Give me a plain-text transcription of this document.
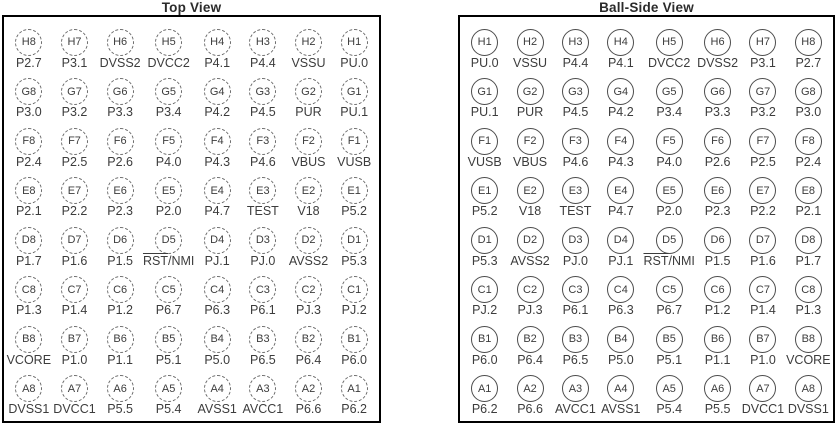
Top View	Ball-Side View
H8
P2.7
H7
P3.1
H6
DVSS2
H5
DVCC2
H4
P4.1
H3
P4.4
H2
VSSU
H1
PU.0
G8
P3.0
G7
P3.2
G6
P3.3
G5
P3.4
G4
P4.2
G3
P4.5
G2
PUR
G1
PU.1
F8
P2.4
F7
P2.5
F6
P2.6
F5
P4.0
F4
P4.3
F3
P4.6
F2
VBUS
F1
VUSB
E8
P2.1
E7
P2.2
E6
P2.3
E5
P2.0
E4
P4.7
E3
TEST
E2
V18
E1
P5.2
D8
P1.7
D7
P1.6
D6
P1.5
D5
$\overline{RST}$/NMI
D4
PJ.1
D3
PJ.0
D2
AVSS2
D1
P5.3
C8
P1.3
C7
P1.4
C6
P1.2
C5
P6.7
C4
P6.3
C3
P6.1
C2
PJ.3
C1
PJ.2
B8
VCORE
B7
P1.0
B6
P1.1
B5
P5.1
B4
P5.0
B3
P6.5
B2
P6.4
B1
P6.0
A8
DVSS1
A7
DVCC1
A6
P5.5
A5
P5.4
A4
AVSS1
A3
AVCC1
A2
P6.6
A1
P6.2
H1
PU.0
H2
VSSU
H3
P4.4
H4
P4.1
H5
DVCC2
H6
DVSS2
H7
P3.1
H8
P2.7
G1
PU.1
G2
PUR
G3
P4.5
G4
P4.2
G5
P3.4
G6
P3.3
G7
P3.2
G8
P3.0
F1
VUSB
F2
VBUS
F3
P4.6
F4
P4.3
F5
P4.0
F6
P2.6
F7
P2.5
F8
P2.4
E1
P5.2
E2
V18
E3
TEST
E4
P4.7
E5
P2.0
E6
P2.3
E7
P2.2
E8
P2.1
D1
P5.3
D2
AVSS2
D3
PJ.0
D4
PJ.1
D5
$\overline{RST}$/NMI
D6
P1.5
D7
P1.6
D8
P1.7
C1
PJ.2
C2
PJ.3
C3
P6.1
C4
P6.3
C5
P6.7
C6
P1.2
C7
P1.4
C8
P1.3
B1
P6.0
B2
P6.4
B3
P6.5
B4
P5.0
B5
P5.1
B6
P1.1
B7
P1.0
B8
VCORE
A1
P6.2
A2
P6.6
A3
AVCC1
A4
AVSS1
A5
P5.4
A6
P5.5
A7
DVCC1
A8
DVSS1
